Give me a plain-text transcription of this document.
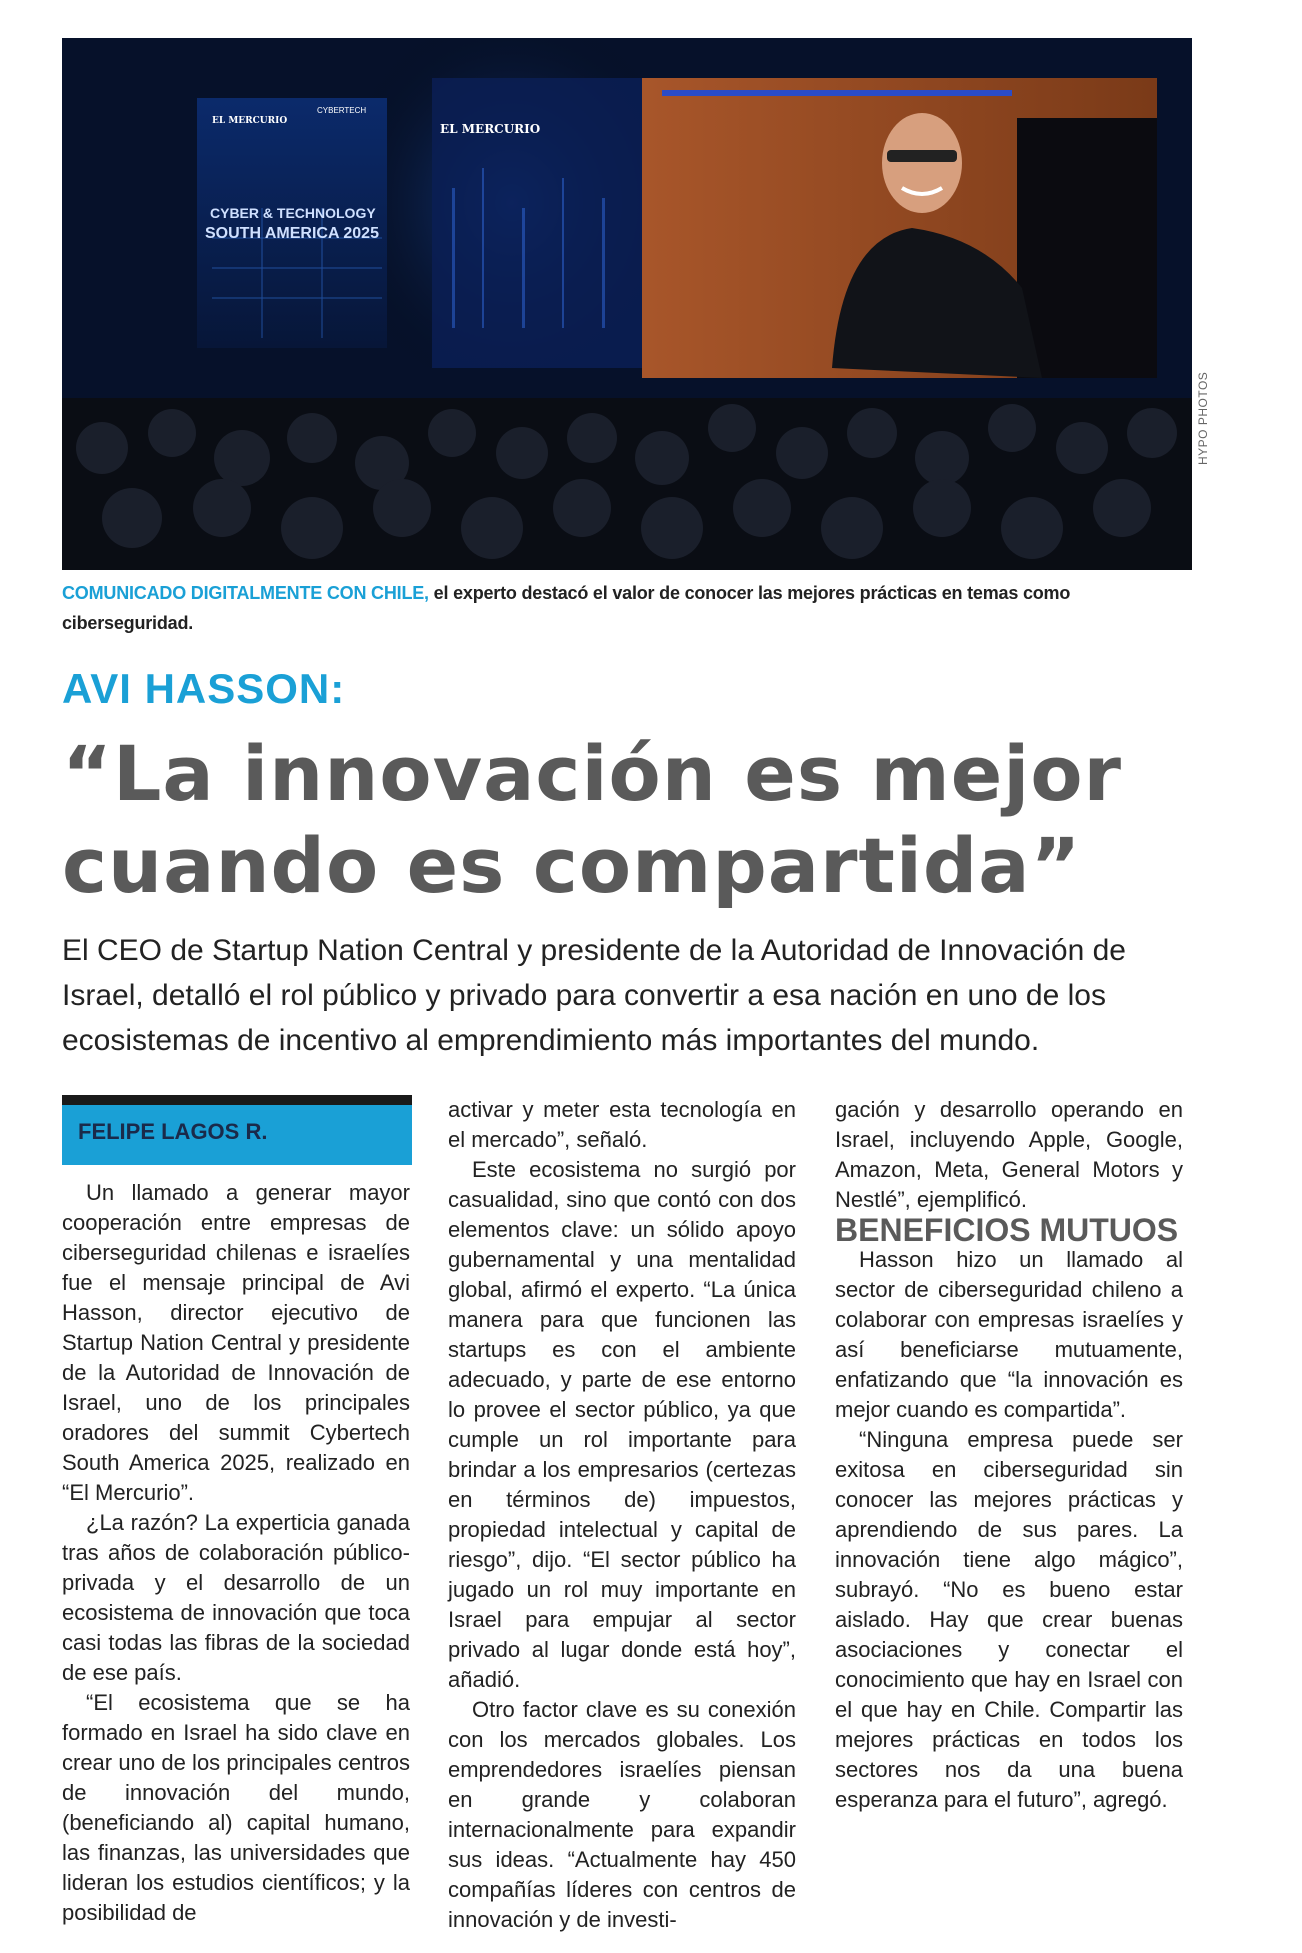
EL MERCURIO
CYBERTECH
CYBER & TECHNOLOGY
SOUTH AMERICA 2025
EL MERCURIO
HYPO PHOTOS
COMUNICADO DIGITALMENTE CON CHILE, el experto destacó el valor de conocer las mejores prácticas en temas como ciberseguridad.
AVI HASSON:
“La innovación es mejor cuando es compartida”
El CEO de Startup Nation Central y presidente de la Autoridad de Innovación de Israel, detalló el rol público y privado para convertir a esa nación en uno de los ecosistemas de incentivo al emprendimiento más importantes del mundo.
FELIPE LAGOS R.

Un llamado a generar mayor cooperación entre empresas de ciberseguridad chilenas e israelíes fue el mensaje principal de Avi Hasson, director ejecutivo de Startup Nation Central y presidente de la Autoridad de Innovación de Israel, uno de los principales oradores del summit Cybertech South America 2025, realizado en “El Mercurio”.

¿La razón? La experticia ganada tras años de colaboración público-privada y el desarrollo de un ecosistema de innovación que toca casi todas las fibras de la sociedad de ese país.

“El ecosistema que se ha formado en Israel ha sido clave en crear uno de los principales centros de innovación del mundo, (beneficiando al) capital humano, las finanzas, las universidades que lideran los estudios científicos; y la posibilidad de

activar y meter esta tecnología en el mercado”, señaló.

Este ecosistema no surgió por casualidad, sino que contó con dos elementos clave: un sólido apoyo gubernamental y una mentalidad global, afirmó el experto. “La única manera para que funcionen las startups es con el ambiente adecuado, y parte de ese entorno lo provee el sector público, ya que cumple un rol importante para brindar a los empresarios (certezas en términos de) impuestos, propiedad intelectual y capital de riesgo”, dijo. “El sector público ha jugado un rol muy importante en Israel para empujar al sector privado al lugar donde está hoy”, añadió.

Otro factor clave es su conexión con los mercados globales. Los emprendedores israelíes piensan en grande y colaboran internacionalmente para expandir sus ideas. “Actualmente hay 450 compañías líderes con centros de innovación y de investi-

gación y desarrollo operando en Israel, incluyendo Apple, Google, Amazon, Meta, General Motors y Nestlé”, ejemplificó.

BENEFICIOS MUTUOS

Hasson hizo un llamado al sector de ciberseguridad chileno a colaborar con empresas israelíes y así beneficiarse mutuamente, enfatizando que “la innovación es mejor cuando es compartida”.

“Ninguna empresa puede ser exitosa en ciberseguridad sin conocer las mejores prácticas y aprendiendo de sus pares. La innovación tiene algo mágico”, subrayó. “No es bueno estar aislado. Hay que crear buenas asociaciones y conectar el conocimiento que hay en Israel con el que hay en Chile. Compartir las mejores prácticas en todos los sectores nos da una buena esperanza para el futuro”, agregó.
